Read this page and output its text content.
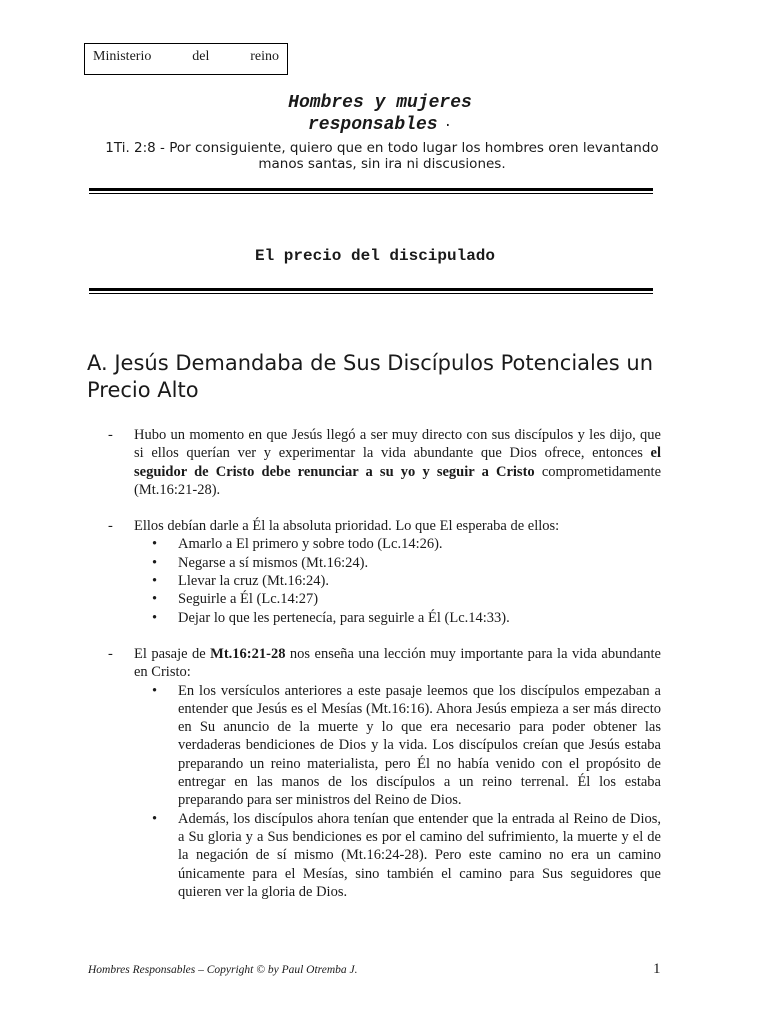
Ministerio	del	reino
Hombres y mujeres
responsables ·
1Ti. 2:8 - Por consiguiente, quiero que en todo lugar los hombres oren levantando manos santas, sin ira ni discusiones.
El precio del discipulado
A. Jesús Demandaba de Sus Discípulos Potenciales un Precio Alto
-	Hubo un momento en que Jesús llegó a ser muy directo con sus discípulos y les dijo, que si ellos querían ver y experimentar la vida abundante que Dios ofrece, entonces el seguidor de Cristo debe renunciar a su yo y seguir a Cristo comprometidamente (Mt.16:21-28).
-	Ellos debían darle a Él la absoluta prioridad. Lo que El esperaba de ellos:
•	Amarlo a El primero y sobre todo (Lc.14:26).
•	Negarse a sí mismos (Mt.16:24).
•	Llevar la cruz (Mt.16:24).
•	Seguirle a Él (Lc.14:27)
•	Dejar lo que les pertenecía, para seguirle a Él (Lc.14:33).
-	El pasaje de Mt.16:21-28 nos enseña una lección muy importante para la vida abundante en Cristo:
•	En los versículos anteriores a este pasaje leemos que los discípulos empezaban a entender que Jesús es el Mesías (Mt.16:16). Ahora Jesús empieza a ser más directo en Su anuncio de la muerte y lo que era necesario para poder obtener las verdaderas bendiciones de Dios y la vida. Los discípulos creían que Jesús estaba preparando un reino materialista, pero Él no había venido con el propósito de entregar en las manos de los discípulos a un reino terrenal. Él los estaba preparando para ser ministros del Reino de Dios.
•	Además, los discípulos ahora tenían que entender que la entrada al Reino de Dios, a Su gloria y a Sus bendiciones es por el camino del sufrimiento, la muerte y el de la negación de sí mismo (Mt.16:24-28). Pero este camino no era un camino únicamente para el Mesías, sino también el camino para Sus seguidores que quieren ver la gloria de Dios.
Hombres Responsables – Copyright © by Paul Otremba J.	1
